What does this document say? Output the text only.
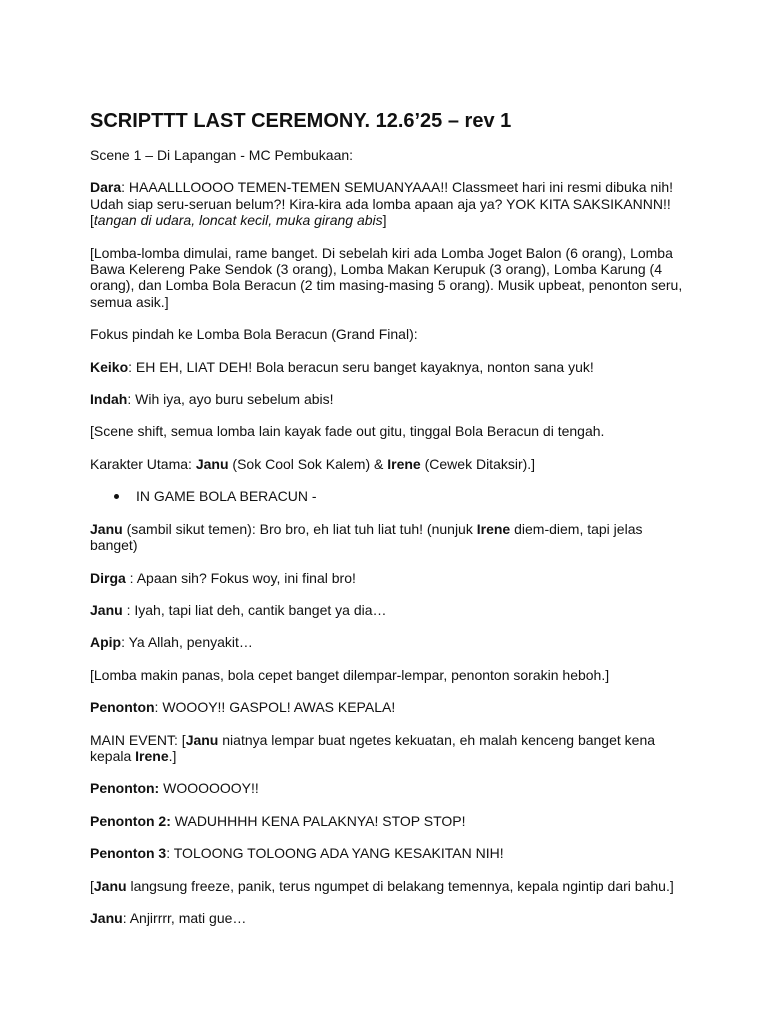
SCRIPTTT LAST CEREMONY. 12.6’25 – rev 1

Scene 1 – Di Lapangan - MC Pembukaan:

Dara: HAAALLLOOOO TEMEN-TEMEN SEMUANYAAA!! Classmeet hari ini resmi dibuka nih! Udah siap seru-seruan belum?! Kira-kira ada lomba apaan aja ya? YOK KITA SAKSIKANNN!! [tangan di udara, loncat kecil, muka girang abis]

[Lomba-lomba dimulai, rame banget. Di sebelah kiri ada Lomba Joget Balon (6 orang), Lomba Bawa Kelereng Pake Sendok (3 orang), Lomba Makan Kerupuk (3 orang), Lomba Karung (4 orang), dan Lomba Bola Beracun (2 tim masing-masing 5 orang). Musik upbeat, penonton seru, semua asik.]

Fokus pindah ke Lomba Bola Beracun (Grand Final):

Keiko: EH EH, LIAT DEH! Bola beracun seru banget kayaknya, nonton sana yuk!

Indah: Wih iya, ayo buru sebelum abis!

[Scene shift, semua lomba lain kayak fade out gitu, tinggal Bola Beracun di tengah.

Karakter Utama: Janu (Sok Cool Sok Kalem) & Irene (Cewek Ditaksir).]

IN GAME BOLA BERACUN -

Janu (sambil sikut temen): Bro bro, eh liat tuh liat tuh! (nunjuk Irene diem-diem, tapi jelas banget)

Dirga : Apaan sih? Fokus woy, ini final bro!

Janu : Iyah, tapi liat deh, cantik banget ya dia…

Apip: Ya Allah, penyakit…

[Lomba makin panas, bola cepet banget dilempar-lempar, penonton sorakin heboh.]

Penonton: WOOOY!! GASPOL! AWAS KEPALA!

MAIN EVENT: [Janu niatnya lempar buat ngetes kekuatan, eh malah kenceng banget kena kepala Irene.]

Penonton: WOOOOOOY!!

Penonton 2: WADUHHHH KENA PALAKNYA! STOP STOP!

Penonton 3: TOLOONG TOLOONG ADA YANG KESAKITAN NIH!

[Janu langsung freeze, panik, terus ngumpet di belakang temennya, kepala ngintip dari bahu.]

Janu: Anjirrrr, mati gue…
